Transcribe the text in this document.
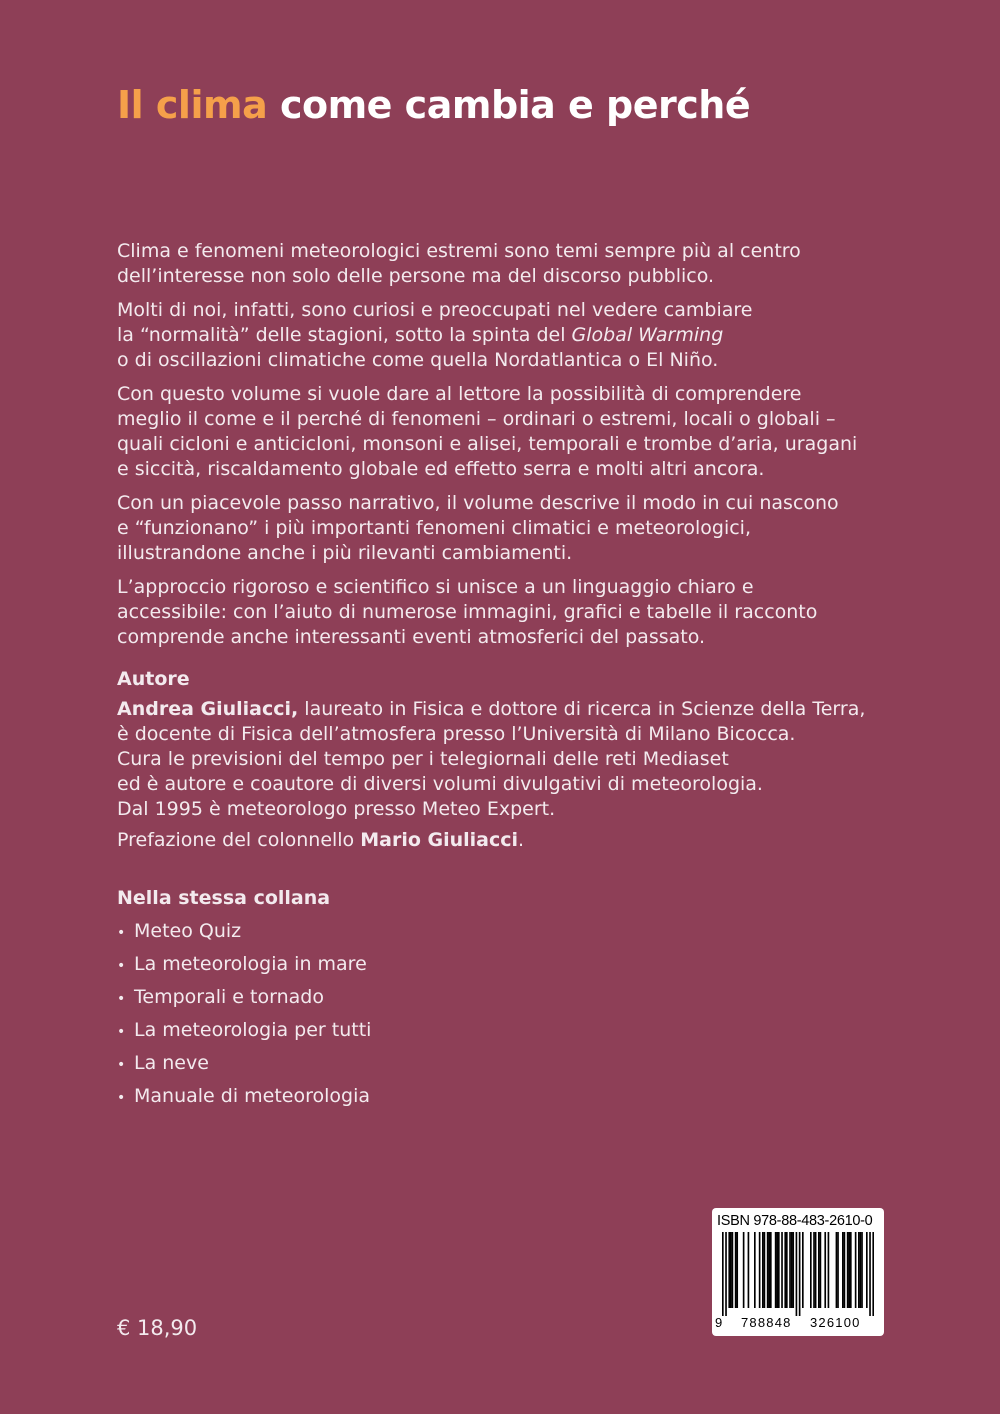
Il clima come cambia e perché

Clima e fenomeni meteorologici estremi sono temi sempre più al centro
dell’interesse non solo delle persone ma del discorso pubblico.

Molti di noi, infatti, sono curiosi e preoccupati nel vedere cambiare
la “normalità” delle stagioni, sotto la spinta del Global Warming
o di oscillazioni climatiche come quella Nordatlantica o El Niño.

Con questo volume si vuole dare al lettore la possibilità di comprendere
meglio il come e il perché di fenomeni – ordinari o estremi, locali o globali –
quali cicloni e anticicloni, monsoni e alisei, temporali e trombe d’aria, uragani
e siccità, riscaldamento globale ed effetto serra e molti altri ancora.

Con un piacevole passo narrativo, il volume descrive il modo in cui nascono
e “funzionano” i più importanti fenomeni climatici e meteorologici,
illustrandone anche i più rilevanti cambiamenti.

L’approccio rigoroso e scientifico si unisce a un linguaggio chiaro e
accessibile: con l’aiuto di numerose immagini, grafici e tabelle il racconto
comprende anche interessanti eventi atmosferici del passato.

Autore

Andrea Giuliacci, laureato in Fisica e dottore di ricerca in Scienze della Terra,
è docente di Fisica dell’atmosfera presso l’Università di Milano Bicocca.
Cura le previsioni del tempo per i telegiornali delle reti Mediaset
ed è autore e coautore di diversi volumi divulgativi di meteorologia.
Dal 1995 è meteorologo presso Meteo Expert.

Prefazione del colonnello Mario Giuliacci.

Nella stessa collana
• Meteo Quiz
• La meteorologia in mare
• Temporali e tornado
• La meteorologia per tutti
• La neve
• Manuale di meteorologia
€ 18,90
ISBN 978-88-483-2610-0
9 788848 326100
